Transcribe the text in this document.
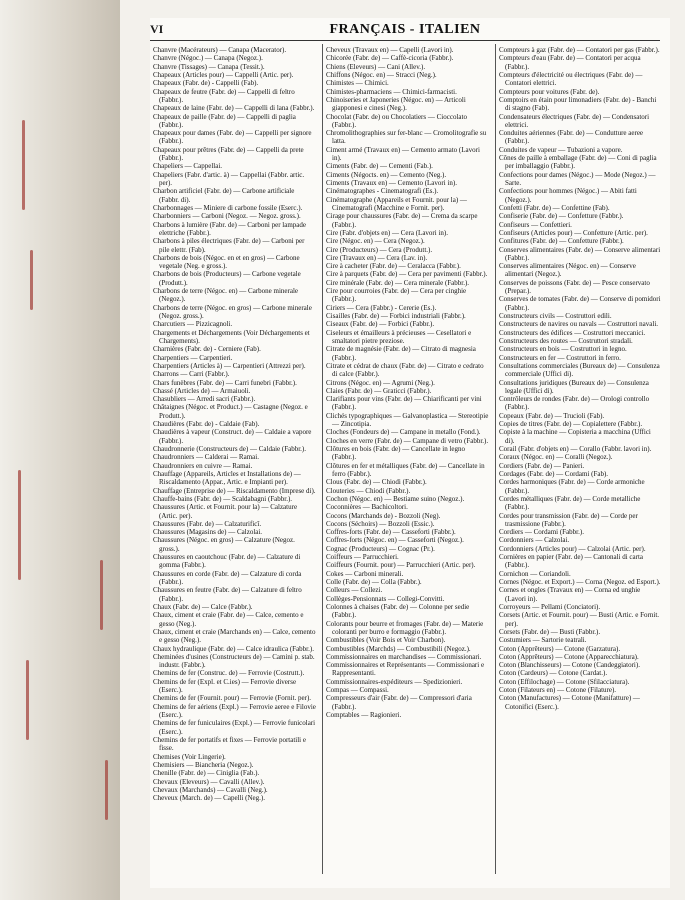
VI	FRANÇAIS - ITALIEN

Chanvre (Macérateurs) — Canapa (Macerator).

Chanvre (Négoc.) — Canapa (Negoz.).

Chanvre (Tissages) — Canapa (Tessit.).

Chapeaux (Articles pour) — Cappelli (Artic. per).

Chapeaux (Fabr. de) - Cappelli (Fab).

Chapeaux de feutre (Fabr. de) — Cappelli di feltro (Fabbr.).

Chapeaux de laine (Fabr. de) — Cappelli di lana (Fabbr.).

Chapeaux de paille (Fabr. de) — Cappelli di paglia (Fabbr.).

Chapeaux pour dames (Fabr. de) — Cappelli per signore (Fabbr.).

Chapeaux pour prêtres (Fabr. de) — Cappelli da prete (Fabbr.).

Chapeliers — Cappellai.

Chapeliers (Fabr. d'artic. à) — Cappellai (Fabbr. artic. per).

Charbon artificiel (Fabr. de) — Carbone artificiale (Fabbr. di).

Charbonnages — Miniere di carbone fossile (Eserc.).

Charbonniers — Carboni (Negoz. — Negoz. gross.).

Charbons à lumière (Fabr. de) — Carboni per lampade elettriche (Fabbr.).

Charbons à piles électriques (Fabr. de) — Carboni per pile elettr. (Fab).

Charbons de bois (Négoc. en et en gros) — Carbone vegetale (Neg. e gross.).

Charbons de bois (Producteurs) — Carbone vegetale (Produtt.).

Charbons de terre (Négoc. en) — Carbone minerale (Negoz.).

Charbons de terre (Négoc. en gros) — Carbone minerale (Negoz. gross.).

Charcutiers — Pizzicagnoli.

Chargements et Déchargements (Voir Déchargements et Chargements).

Charnières (Fabr. de) - Cerniere (Fab).

Charpentiers — Carpentieri.

Charpentiers (Articles à) — Carpentieri (Attrezzi per).

Charrons — Carri (Fabbr.).

Chars funèbres (Fabr. de) — Carri funebri (Fabbr.).

Chassé (Articles de) — Armaiuoli.

Chasubliers — Arredi sacri (Fabbr.).

Châtaignes (Négoc. et Product.) — Castagne (Negoz. e Produtt.).

Chaudières (Fabr. de) - Caldaie (Fab).

Chaudières à vapeur (Construct. de) — Caldaie a vapore (Fabbr.).

Chaudronnerie (Constructeurs de) — Caldaie (Fabbr.).

Chaudronniers — Calderai — Ramai.

Chaudronniers en cuivre — Ramai.

Chauffage (Appareils, Articles et Installations de) — Riscaldamento (Appar., Artic. e Impianti per).

Chauffage (Entreprise de) — Riscaldamento (Imprese di).

Chauffe-bains (Fabr. de) — Scaldabagni (Fabbr.).

Chaussures (Artic. et Fournit. pour la) — Calzature (Artic. per).

Chaussures (Fabr. de) — Calzaturificî.

Chaussures (Magasins de) — Calzolai.

Chaussures (Négoc. en gros) — Calzature (Negoz. gross.).

Chaussures en caoutchouc (Fabr. de) — Calzature di gomma (Fabbr.).

Chaussures en corde (Fabr. de) — Calzature di corda (Fabbr.).

Chaussures en feutre (Fabr. de) — Calzature di feltro (Fabbr.).

Chaux (Fabr. de) — Calce (Fabbr.).

Chaux, ciment et craie (Fabr. de) — Calce, cemento e gesso (Neg.).

Chaux, ciment et craie (Marchands en) — Calce, cemento e gesso (Neg.).

Chaux hydraulique (Fabr. de) — Calce idraulica (Fabbr.).

Cheminées d'usines (Constructeurs de) — Camini p. stab. industr. (Fabbr.).

Chemins de fer (Construc. de) — Ferrovie (Costrutt.).

Chemins de fer (Expl. et C.ies) — Ferrovie diverse (Eserc.).

Chemins de fer (Fournit. pour) — Ferrovie (Fornit. per).

Chemins de fer aériens (Expl.) — Ferrovie aeree e Filovie (Eserc.).

Chemins de fer funiculaires (Expl.) — Ferrovie funicolari (Eserc.).

Chemins de fer portatifs et fixes — Ferrovie portatili e fisse.

Chemises (Voir Lingerie).

Chemisiers — Biancheria (Negoz.).

Chenille (Fabr. de) — Ciniglia (Fab.).

Chevaux (Eleveurs) — Cavalli (Allev.).

Chevaux (Marchands) — Cavalli (Neg.).

Cheveux (March. de) — Capelli (Neg.).

Cheveux (Travaux en) — Capelli (Lavori in).

Chicorée (Fabr. de) — Caffè-cicoria (Fabbr.).

Chiens (Eleveurs) — Cani (Allev.).

Chiffons (Négoc. en) — Stracci (Neg.).

Chimistes — Chimici.

Chimistes-pharmaciens — Chimici-farmacisti.

Chinoiseries et Japoneries (Négoc. en) — Articoli giapponesi e cinesi (Neg.).

Chocolat (Fabr. de) ou Chocolatiers — Cioccolato (Fabbr.).

Chromolithographies sur fer-blanc — Cromolitografie su latta.

Ciment armé (Travaux en) — Cemento armato (Lavori in).

Ciments (Fabr. de) — Cementi (Fab.).

Ciments (Négocts. en) — Cemento (Neg.).

Ciments (Travaux en) — Cemento (Lavori in).

Cinématographes - Cinematografi (Es.).

Cinématographe (Appareils et Fournit. pour la) — Cinematografi (Macchine e Fornit. per).

Cirage pour chaussures (Fabr. de) — Crema da scarpe (Fabbr.).

Cire (Fabr. d'objets en) — Cera (Lavori in).

Cire (Négoc. en) — Cera (Negoz.).

Cire (Producteurs) — Cera (Produtt.).

Cire (Travaux en) — Cera (Lav. in).

Cire à cacheter (Fabr. de) — Ceralacca (Fabbr.).

Cire à parquets (Fabr. de) — Cera per pavimenti (Fabbr.).

Cire minérale (Fabr. de) — Cera minerale (Fabbr.).

Cire pour courroies (Fabr. de) — Cera per cinghie (Fabbr.).

Ciriers — Cera (Fabbr.) - Cererie (Es.).

Cisailles (Fabr. de) — Forbici industriali (Fabbr.).

Ciseaux (Fabr. de) — Forbici (Fabbr.).

Ciseleurs et émailleurs à précieuses — Cesellatori e smaltatori pietre preziose.

Citrate de magnésie (Fabr. de) — Citrato di magnesia (Fabbr.).

Citrate et cédrat de chaux (Fabr. de) — Citrato e cedrato di calce (Fabbr.).

Citrons (Négoc. en) — Agrumi (Neg.).

Claies (Fabr. de) — Graticci (Fabbr.).

Clarifiants pour vins (Fabr. de) — Chiarificanti per vini (Fabbr.).

Clichés typographiques — Galvanoplastica — Stereotipie — Zincotipia.

Cloches (Fondeurs de) — Campane in metallo (Fond.).

Cloches en verre (Fabr. de) — Campane di vetro (Fabbr.).

Clôtures en bois (Fabr. de) — Cancellate in legno (Fabbr.).

Clôtures en fer et métalliques (Fabr. de) — Cancellate in ferro (Fabbr.).

Clous (Fabr. de) — Chiodi (Fabbr.).

Clouteries — Chiodi (Fabbr.).

Cochon (Négoc. en) — Bestiame suino (Negoz.).

Coconnières — Bachicoltori.

Cocons (Marchands de) - Bozzoli (Neg).

Cocons (Séchoirs) — Bozzoli (Essic.).

Coffres-forts (Fabr. de) — Casseforti (Fabbr.).

Coffres-forts (Négoc. en) — Casseforti (Negoz.).

Cognac (Producteurs) — Cognac (Pr.).

Coiffeurs — Parrucchieri.

Coiffeurs (Fournit. pour) — Parrucchieri (Artic. per).

Cokes — Carboni minerali.

Colle (Fabr. de) — Colla (Fabbr.).

Colleurs — Collezi.

Collèges-Pensionnats — Collegi-Convitti.

Colonnes à chaises (Fabr. de) — Colonne per sedie (Fabbr.).

Colorants pour beurre et fromages (Fabr. de) — Materie coloranti per burro e formaggio (Fabbr.).

Combustibles (Voir Bois et Voir Charbon).

Combustibles (Marchds) — Combustibili (Negoz.).

Commissionnaires en marchandises — Commissionari.

Commissionnaires et Représentants — Commissionari e Rappresentanti.

Commissionnaires-expéditeurs — Spedizionieri.

Compas — Compassi.

Compresseurs d'air (Fabr. de) — Compressori d'aria (Fabbr.).

Comptables — Ragionieri.

Compteurs à gaz (Fabr. de) — Contatori per gas (Fabbr.).

Compteurs d'eau (Fabr. de) — Contatori per acqua (Fabbr.).

Compteurs d'électricité ou électriques (Fabr. de) — Contatori elettrici.

Compteurs pour voitures (Fabr. de).

Comptoirs en étain pour limonadiers (Fabr. de) - Banchi di stagno (Fab).

Condensateurs électriques (Fabr. de) — Condensatori elettrici.

Conduites aériennes (Fabr. de) — Condutture aeree (Fabbr.).

Conduites de vapeur — Tubazioni a vapore.

Cônes de paille à emballage (Fabr. de) — Coni di paglia per imballaggio (Fabbr.).

Confections pour dames (Négoc.) — Mode (Negoz.) — Sarte.

Confections pour hommes (Négoc.) — Abiti fatti (Negoz.).

Confetti (Fabr. de) — Confettine (Fab).

Confiserie (Fabr. de) — Confetture (Fabbr.).

Confiseurs — Confettieri.

Confiseurs (Articles pour) — Confetture (Artic. per).

Confitures (Fabr. de) — Confetture (Fabbr.).

Conserves alimentaires (Fabr. de) — Conserve alimentari (Fabbr.).

Conserves alimentaires (Négoc. en) — Conserve alimentari (Negoz.).

Conserves de poissons (Fabr. de) — Pesce conservato (Prepar.).

Conserves de tomates (Fabr. de) — Conserve di pomidori (Fabbr.).

Constructeurs civils — Costruttori edili.

Constructeurs de navires ou navals — Costruttori navali.

Constructeurs des édifices — Costruttori meccanici.

Constructeurs des routes — Costruttori stradali.

Constructeurs en bois — Costruttori in legno.

Constructeurs en fer — Costruttori in ferro.

Consultations commerciales (Bureaux de) — Consulenza commerciale (Uffici di).

Consultations juridiques (Bureaux de) — Consulenza legale (Uffici di).

Contrôleurs de rondes (Fabr. de) — Orologi controllo (Fabbr.).

Copeaux (Fabr. de) — Trucioli (Fab).

Copies de titres (Fabr. de) — Copialettere (Fabbr.).

Copiste à la machine — Copisteria a macchina (Uffici di).

Corail (Fabr. d'objets en) — Corallo (Fabbr. lavori in).

Coraux (Négoc. en) — Coralli (Negoz.).

Cordiers (Fabr. de) — Panieri.

Cordages (Fabr. de) — Cordami (Fab).

Cordes harmoniques (Fabr. de) — Corde armoniche (Fabbr.).

Cordes métalliques (Fabr. de) — Corde metalliche (Fabbr.).

Cordes pour transmission (Fabr. de) — Corde per trasmissione (Fabbr.).

Cordiers — Cordami (Fabbr.).

Cordonniers — Calzolai.

Cordonniers (Articles pour) — Calzolai (Artic. per).

Cornières en papier (Fabr. de) — Cantonali di carta (Fabbr.).

Cornichon — Coriandoli.

Cornes (Négoc. et Export.) — Corna (Negoz. ed Esport.).

Cornes et ongles (Travaux en) — Corna ed unghie (Lavori in).

Corroyeurs — Pellami (Conciatori).

Corsets (Artic. et Fournit. pour) — Busti (Artic. e Fornit. per).

Corsets (Fabr. de) — Busti (Fabbr.).

Costumiers — Sartorie teatrali.

Coton (Apprêteurs) — Cotone (Garzatura).

Coton (Apprêteurs) — Cotone (Apparecchiatura).

Coton (Blanchisseurs) — Cotone (Candeggiatori).

Coton (Cardeurs) — Cotone (Cardat.).

Coton (Effilochage) — Cotone (Sfilacciatura).

Coton (Filateurs en) — Cotone (Filature).

Coton (Manufactures) — Cotone (Manifatture) — Cotonifici (Eserc.).
